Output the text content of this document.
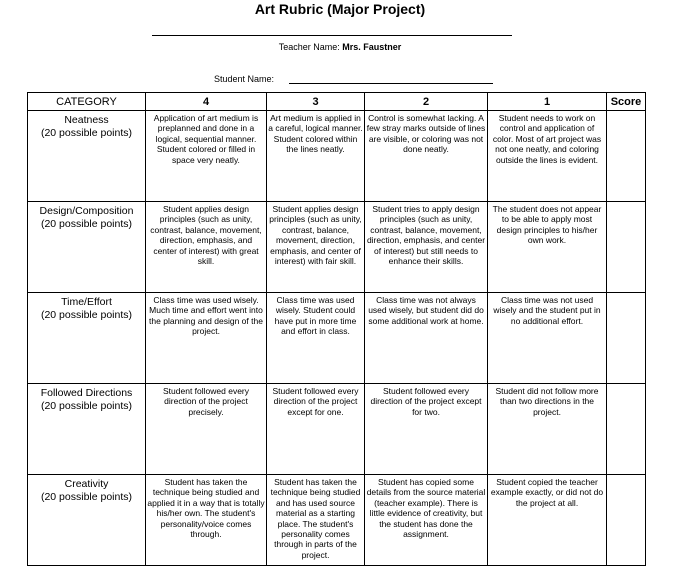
Art Rubric (Major Project)
Teacher Name: Mrs. Faustner
Student Name:
CATEGORY	4	3	2	1	Score

Neatness
(20 possible points)	Application of art medium is preplanned and done in a logical, sequential manner. Student colored or filled in space very neatly.	Art medium is applied in a careful, logical manner. Student colored within the lines neatly.	Control is somewhat lacking. A few stray marks outside of lines are visible, or coloring was not done neatly.	Student needs to work on control and application of color. Most of art project was not one neatly, and coloring outside the lines is evident.	

Design/Composition
(20 possible points)	Student applies design principles (such as unity, contrast, balance, movement, direction, emphasis, and center of interest) with great skill.	Student applies design principles (such as unity, contrast, balance, movement, direction, emphasis, and center of interest) with fair skill.	Student tries to apply design principles (such as unity, contrast, balance, movement, direction, emphasis, and center of interest) but still needs to enhance their skills.	The student does not appear to be able to apply most design principles to his/her own work.	

Time/Effort
(20 possible points)	Class time was used wisely. Much time and effort went into the planning and design of the project.	Class time was used wisely. Student could have put in more time and effort in class.	Class time was not always used wisely, but student did do some additional work at home.	Class time was not used wisely and the student put in no additional effort.	

Followed Directions
(20 possible points)	Student followed every direction of the project precisely.	Student followed every direction of the project except for one.	Student followed every direction of the project except for two.	Student did not follow more than two directions in the project.	

Creativity
(20 possible points)	Student has taken the technique being studied and applied it in a way that is totally his/her own. The student's personality/voice comes through.	Student has taken the technique being studied and has used source material as a starting place. The student's personality comes through in parts of the project.	Student has copied some details from the source material (teacher example). There is little evidence of creativity, but the student has done the assignment.	Student copied the teacher example exactly, or did not do the project at all.	
